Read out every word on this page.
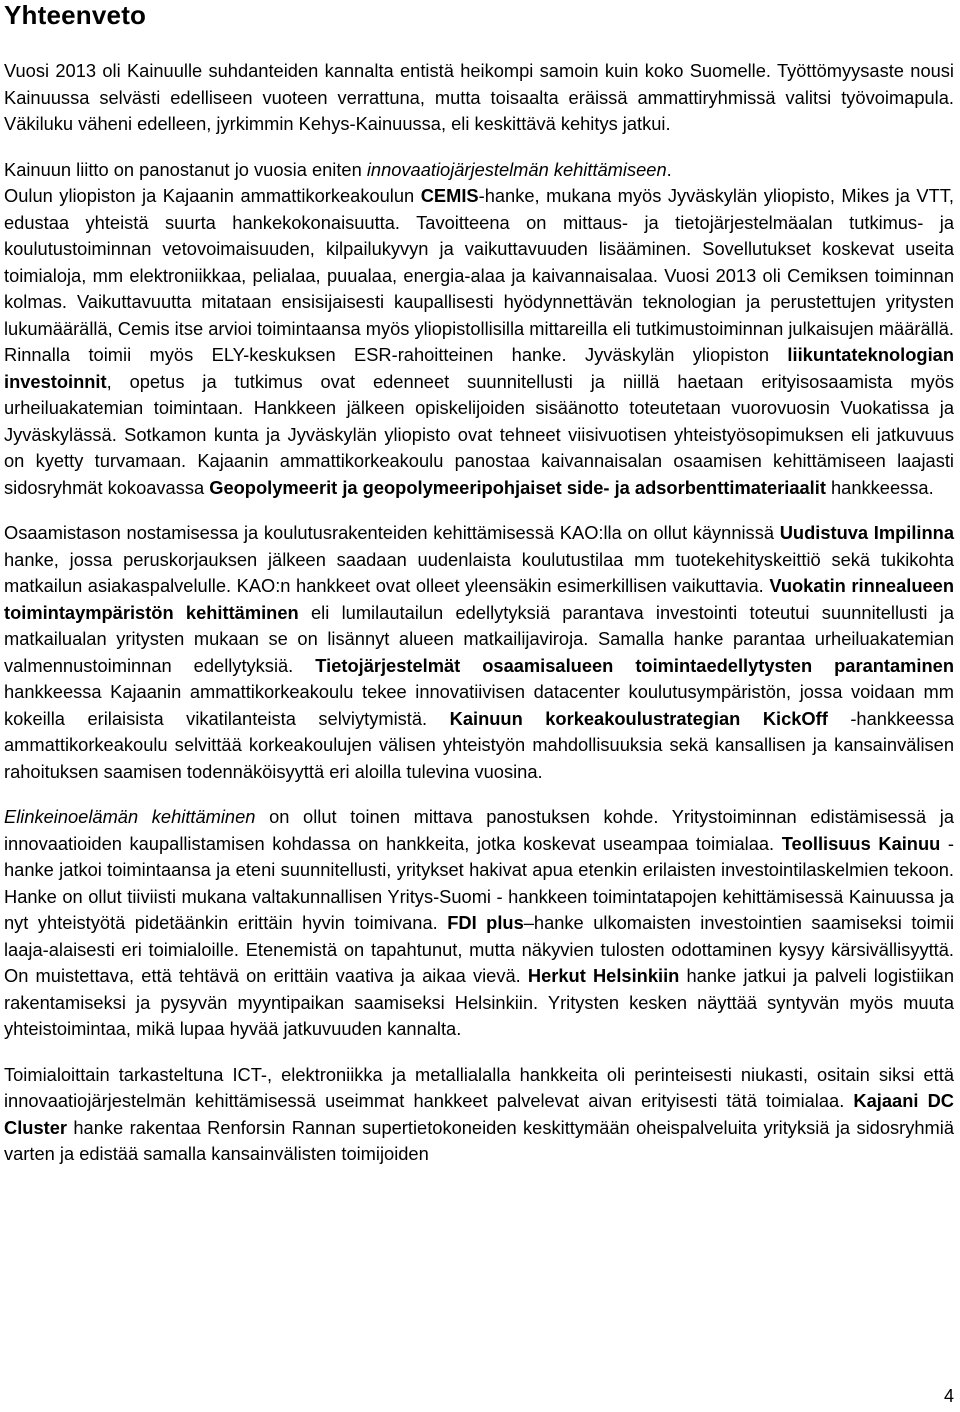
Yhteenveto

Vuosi 2013 oli Kainuulle suhdanteiden kannalta entistä heikompi samoin kuin koko Suomelle. Työttömyysaste nousi Kainuussa selvästi edelliseen vuoteen verrattuna, mutta toisaalta eräissä ammattiryhmissä valitsi työvoimapula. Väkiluku väheni edelleen, jyrkimmin Kehys-Kainuussa, eli keskittävä kehitys jatkui.

Kainuun liitto on panostanut jo vuosia eniten innovaatiojärjestelmän kehittämiseen.

Oulun yliopiston ja Kajaanin ammattikorkeakoulun CEMIS-hanke, mukana myös Jyväskylän yliopisto, Mikes ja VTT, edustaa yhteistä suurta hankekokonaisuutta. Tavoitteena on mittaus- ja tietojärjestelmäalan tutkimus- ja koulutustoiminnan vetovoimaisuuden, kilpailukyvyn ja vaikuttavuuden lisääminen. Sovellutukset koskevat useita toimialoja, mm elektroniikkaa, pelialaa, puualaa, energia-alaa ja kaivannaisalaa. Vuosi 2013 oli Cemiksen toiminnan kolmas. Vaikuttavuutta mitataan ensisijaisesti kaupallisesti hyödynnettävän teknologian ja perustettujen yritysten lukumäärällä, Cemis itse arvioi toimintaansa myös yliopistollisilla mittareilla eli tutkimustoiminnan julkaisujen määrällä. Rinnalla toimii myös ELY-keskuksen ESR-rahoitteinen hanke. Jyväskylän yliopiston liikuntateknologian investoinnit, opetus ja tutkimus ovat edenneet suunnitellusti ja niillä haetaan erityisosaamista myös urheiluakatemian toimintaan. Hankkeen jälkeen opiskelijoiden sisäänotto toteutetaan vuorovuosin Vuokatissa ja Jyväskylässä. Sotkamon kunta ja Jyväskylän yliopisto ovat tehneet viisivuotisen yhteistyösopimuksen eli jatkuvuus on kyetty turvamaan. Kajaanin ammattikorkeakoulu panostaa kaivannaisalan osaamisen kehittämiseen laajasti sidosryhmät kokoavassa Geopolymeerit ja geopolymeeripohjaiset side- ja adsorbenttimateriaalit hankkeessa.

Osaamistason nostamisessa ja koulutusrakenteiden kehittämisessä KAO:lla on ollut käynnissä Uudistuva Impilinna hanke, jossa peruskorjauksen jälkeen saadaan uudenlaista koulutustilaa mm tuotekehityskeittiö sekä tukikohta matkailun asiakaspalvelulle. KAO:n hankkeet ovat olleet yleensäkin esimerkillisen vaikuttavia. Vuokatin rinnealueen toimintaympäristön kehittäminen eli lumilautailun edellytyksiä parantava investointi toteutui suunnitellusti ja matkailualan yritysten mukaan se on lisännyt alueen matkailijaviroja. Samalla hanke parantaa urheiluakatemian valmennustoiminnan edellytyksiä. Tietojärjestelmät osaamisalueen toimintaedellytysten parantaminen hankkeessa Kajaanin ammattikorkeakoulu tekee innovatiivisen datacenter koulutusympäristön, jossa voidaan mm kokeilla erilaisista vikatilanteista selviytymistä. Kainuun korkeakoulustrategian KickOff -hankkeessa ammattikorkeakoulu selvittää korkeakoulujen välisen yhteistyön mahdollisuuksia sekä kansallisen ja kansainvälisen rahoituksen saamisen todennäköisyyttä eri aloilla tulevina vuosina.

Elinkeinoelämän kehittäminen on ollut toinen mittava panostuksen kohde. Yritystoiminnan edistämisessä ja innovaatioiden kaupallistamisen kohdassa on hankkeita, jotka koskevat useampaa toimialaa. Teollisuus Kainuu -hanke jatkoi toimintaansa ja eteni suunnitellusti, yritykset hakivat apua etenkin erilaisten investointilaskelmien tekoon. Hanke on ollut tiiviisti mukana valtakunnallisen Yritys-Suomi - hankkeen toimintatapojen kehittämisessä Kainuussa ja nyt yhteistyötä pidetäänkin erittäin hyvin toimivana. FDI plus–hanke ulkomaisten investointien saamiseksi toimii laaja-alaisesti eri toimialoille. Etenemistä on tapahtunut, mutta näkyvien tulosten odottaminen kysyy kärsivällisyyttä. On muistettava, että tehtävä on erittäin vaativa ja aikaa vievä. Herkut Helsinkiin hanke jatkui ja palveli logistiikan rakentamiseksi ja pysyvän myyntipaikan saamiseksi Helsinkiin. Yritysten kesken näyttää syntyvän myös muuta yhteistoimintaa, mikä lupaa hyvää jatkuvuuden kannalta.

Toimialoittain tarkasteltuna ICT-, elektroniikka ja metallialalla hankkeita oli perinteisesti niukasti, ositain siksi että innovaatiojärjestelmän kehittämisessä useimmat hankkeet palvelevat aivan erityisesti tätä toimialaa. Kajaani DC Cluster hanke rakentaa Renforsin Rannan supertietokoneiden keskittymään oheispalveluita yrityksiä ja sidosryhmiä varten ja edistää samalla kansainvälisten toimijoiden

4
